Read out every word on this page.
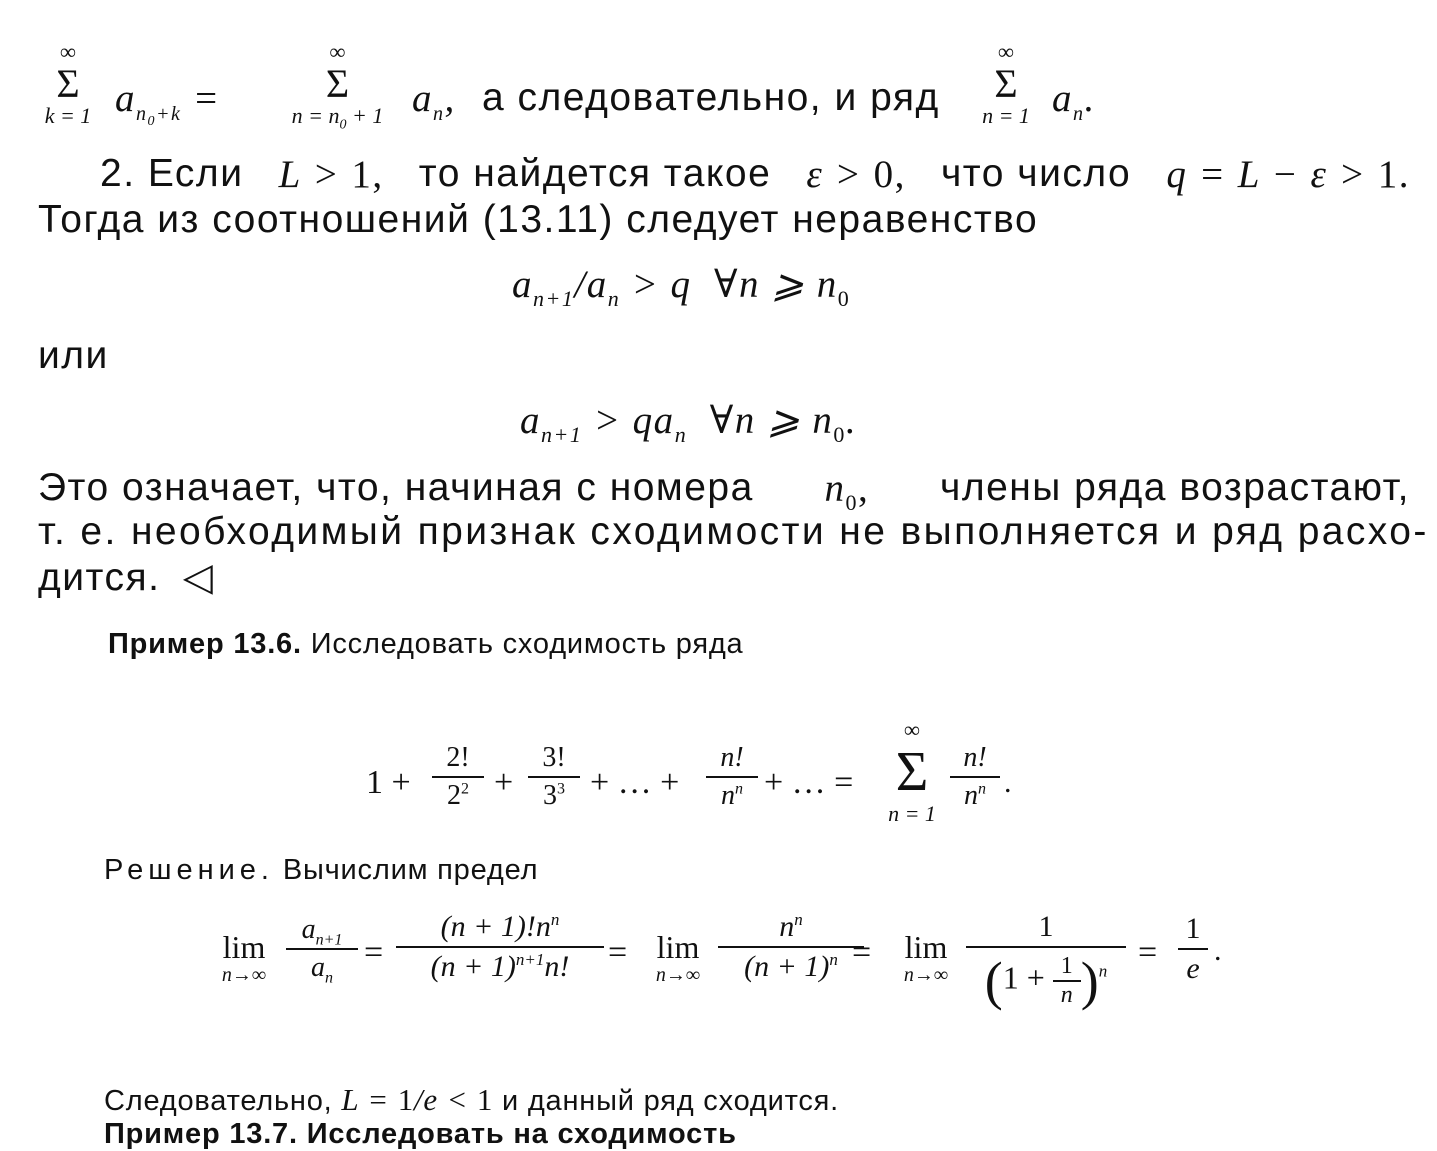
∞
Σ
k = 1 $a_{n_0+k}$ =
∞
Σ
$n = n_0 + 1$ $a_n$, а следовательно, и ряд
∞
Σ
n = 1 $a_n$.
2. Если L > 1, то найдется такое ε > 0, что число q = L − ε > 1.
Тогда из соотношений (13.11) следует неравенство
$a_{n+1}/a_n > q$  ∀n ⩾ $n_0$
или
$a_{n+1} > qa_n$  ∀n ⩾ $n_0$.
Это означает, что, начиная с номера $n_0$, члены ряда возрастают,
т. е. необходимый признак сходимости не выполняется и ряд расхо-
дится. ◁
Пример 13.6. Исследовать сходимость ряда
1 +
2!
$2^2$ +
3!
$3^3$ + … +
n!
$n^n$ + … =
∞
Σ
n = 1
n!
$n^n$ .
Решение. Вычислим предел
lim
n→∞
$a_{n+1}$
$a_n$
=
$(n + 1)!n^n$
$(n + 1)^{n+1}n$!	= lim
n→∞
$n^n$
$(n + 1)^n$ =	lim
n→∞
1
$(1 + \frac{1}{n} )^n$
=
1
e
.
Следовательно, L = 1/e < 1 и данный ряд сходится.
Пример 13.7. Исследовать на сходимость
